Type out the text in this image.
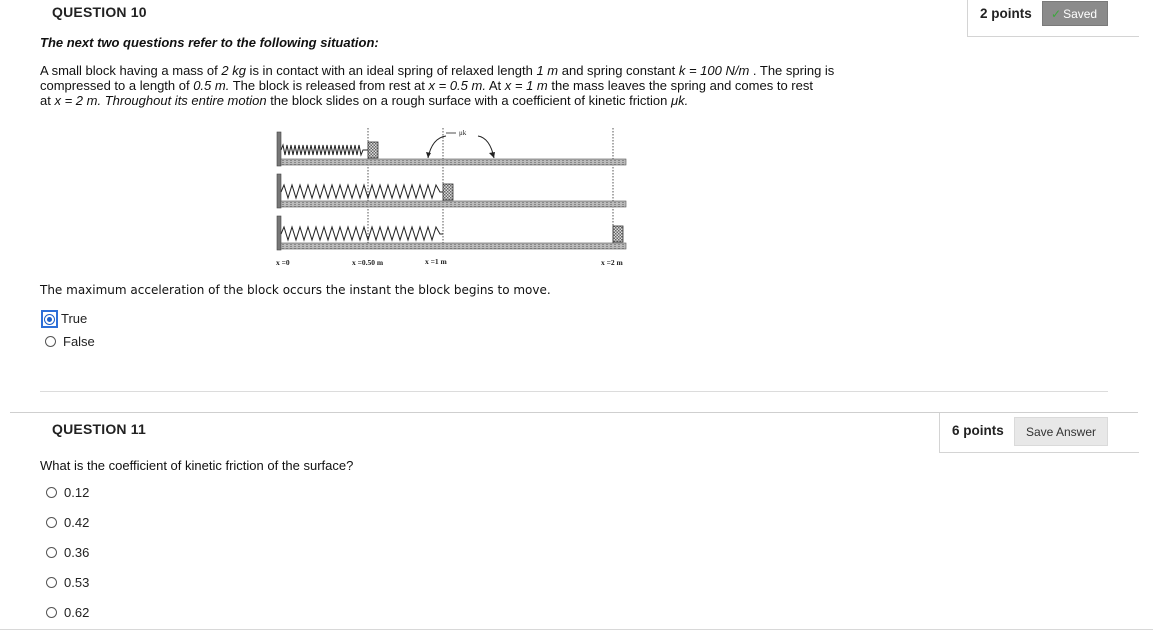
QUESTION 10	2 points	✓ Saved
The next two questions refer to the following situation:
A small block having a mass of 2 kg is in contact with an ideal spring of relaxed length 1 m and spring constant k = 100 N/m . The spring is
compressed to a length of 0.5 m. The block is released from rest at x = 0.5 m. At x = 1 m the mass leaves the spring and comes to rest
at x = 2 m. Throughout its entire motion the block slides on a rough surface with a coefficient of kinetic friction μk.
μk
x =0	x =0.50 m	x =1 m	x =2 m
The maximum acceleration of the block occurs the instant the block begins to move.
True
False
QUESTION 11	6 points	Save Answer
What is the coefficient of kinetic friction of the surface?
0.12
0.42
0.36
0.53
0.62
